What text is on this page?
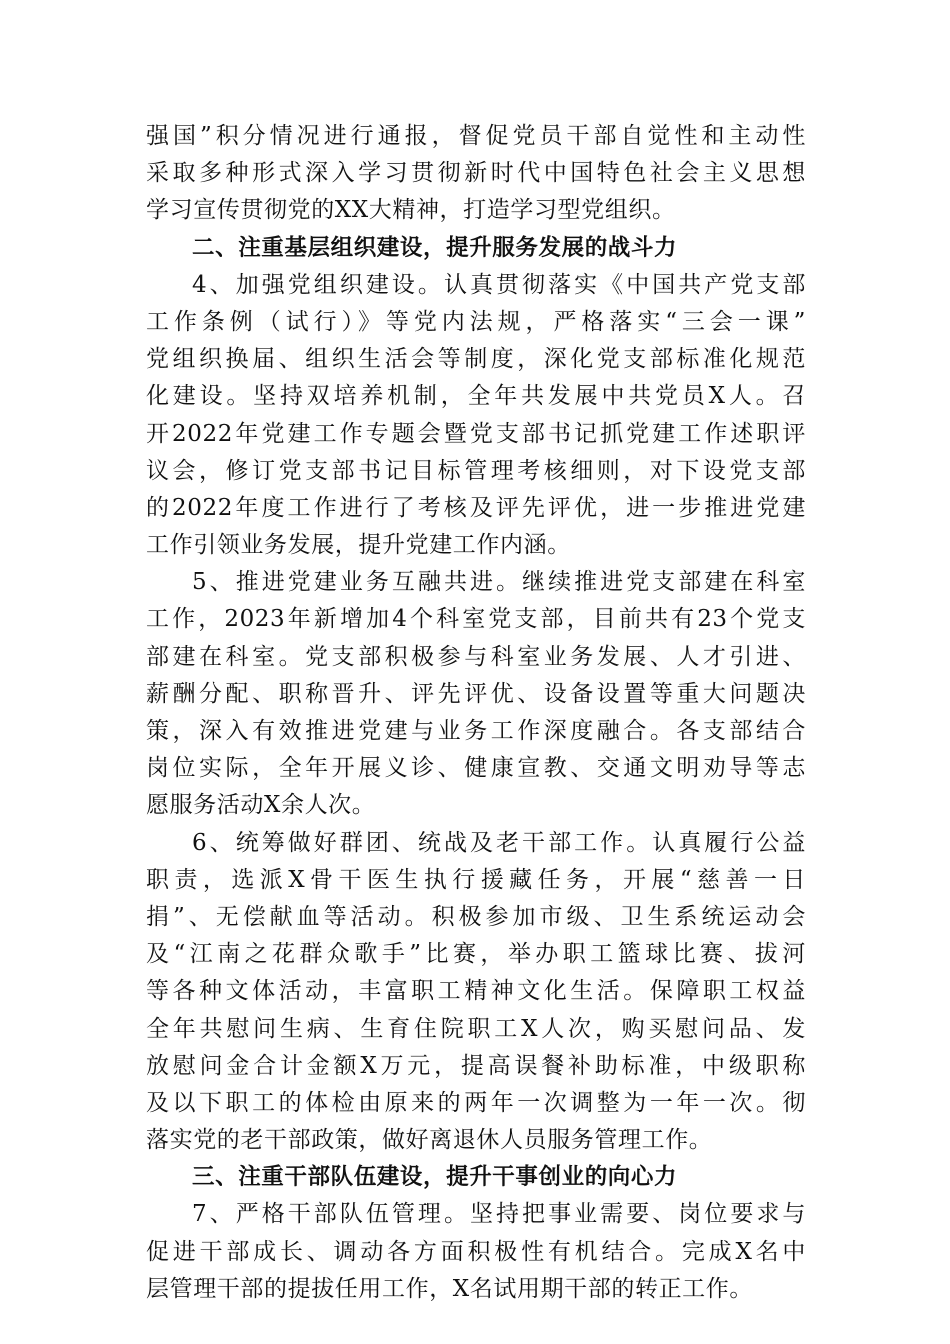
强国”积分情况进行通报，督促党员干部自觉性和主动性
采取多种形式深入学习贯彻新时代中国特色社会主义思想
学习宣传贯彻党的XX大精神，打造学习型党组织。
二、注重基层组织建设，提升服务发展的战斗力
4、加强党组织建设。认真贯彻落实《中国共产党支部
工作条例（试行）》等党内法规，严格落实“三会一课”
党组织换届、组织生活会等制度，深化党支部标准化规范
化建设。坚持双培养机制，全年共发展中共党员X人。召
开2022年党建工作专题会暨党支部书记抓党建工作述职评
议会，修订党支部书记目标管理考核细则，对下设党支部
的2022年度工作进行了考核及评先评优，进一步推进党建
工作引领业务发展，提升党建工作内涵。
5、推进党建业务互融共进。继续推进党支部建在科室
工作，2023年新增加4个科室党支部，目前共有23个党支
部建在科室。党支部积极参与科室业务发展、人才引进、
薪酬分配、职称晋升、评先评优、设备设置等重大问题决
策，深入有效推进党建与业务工作深度融合。各支部结合
岗位实际，全年开展义诊、健康宣教、交通文明劝导等志
愿服务活动X余人次。
6、统筹做好群团、统战及老干部工作。认真履行公益
职责，选派X骨干医生执行援藏任务，开展“慈善一日
捐”、无偿献血等活动。积极参加市级、卫生系统运动会
及“江南之花群众歌手”比赛，举办职工篮球比赛、拔河
等各种文体活动，丰富职工精神文化生活。保障职工权益
全年共慰问生病、生育住院职工X人次，购买慰问品、发
放慰问金合计金额X万元，提高误餐补助标准，中级职称
及以下职工的体检由原来的两年一次调整为一年一次。彻
落实党的老干部政策，做好离退休人员服务管理工作。
三、注重干部队伍建设，提升干事创业的向心力
7、严格干部队伍管理。坚持把事业需要、岗位要求与
促进干部成长、调动各方面积极性有机结合。完成X名中
层管理干部的提拔任用工作，X名试用期干部的转正工作。
